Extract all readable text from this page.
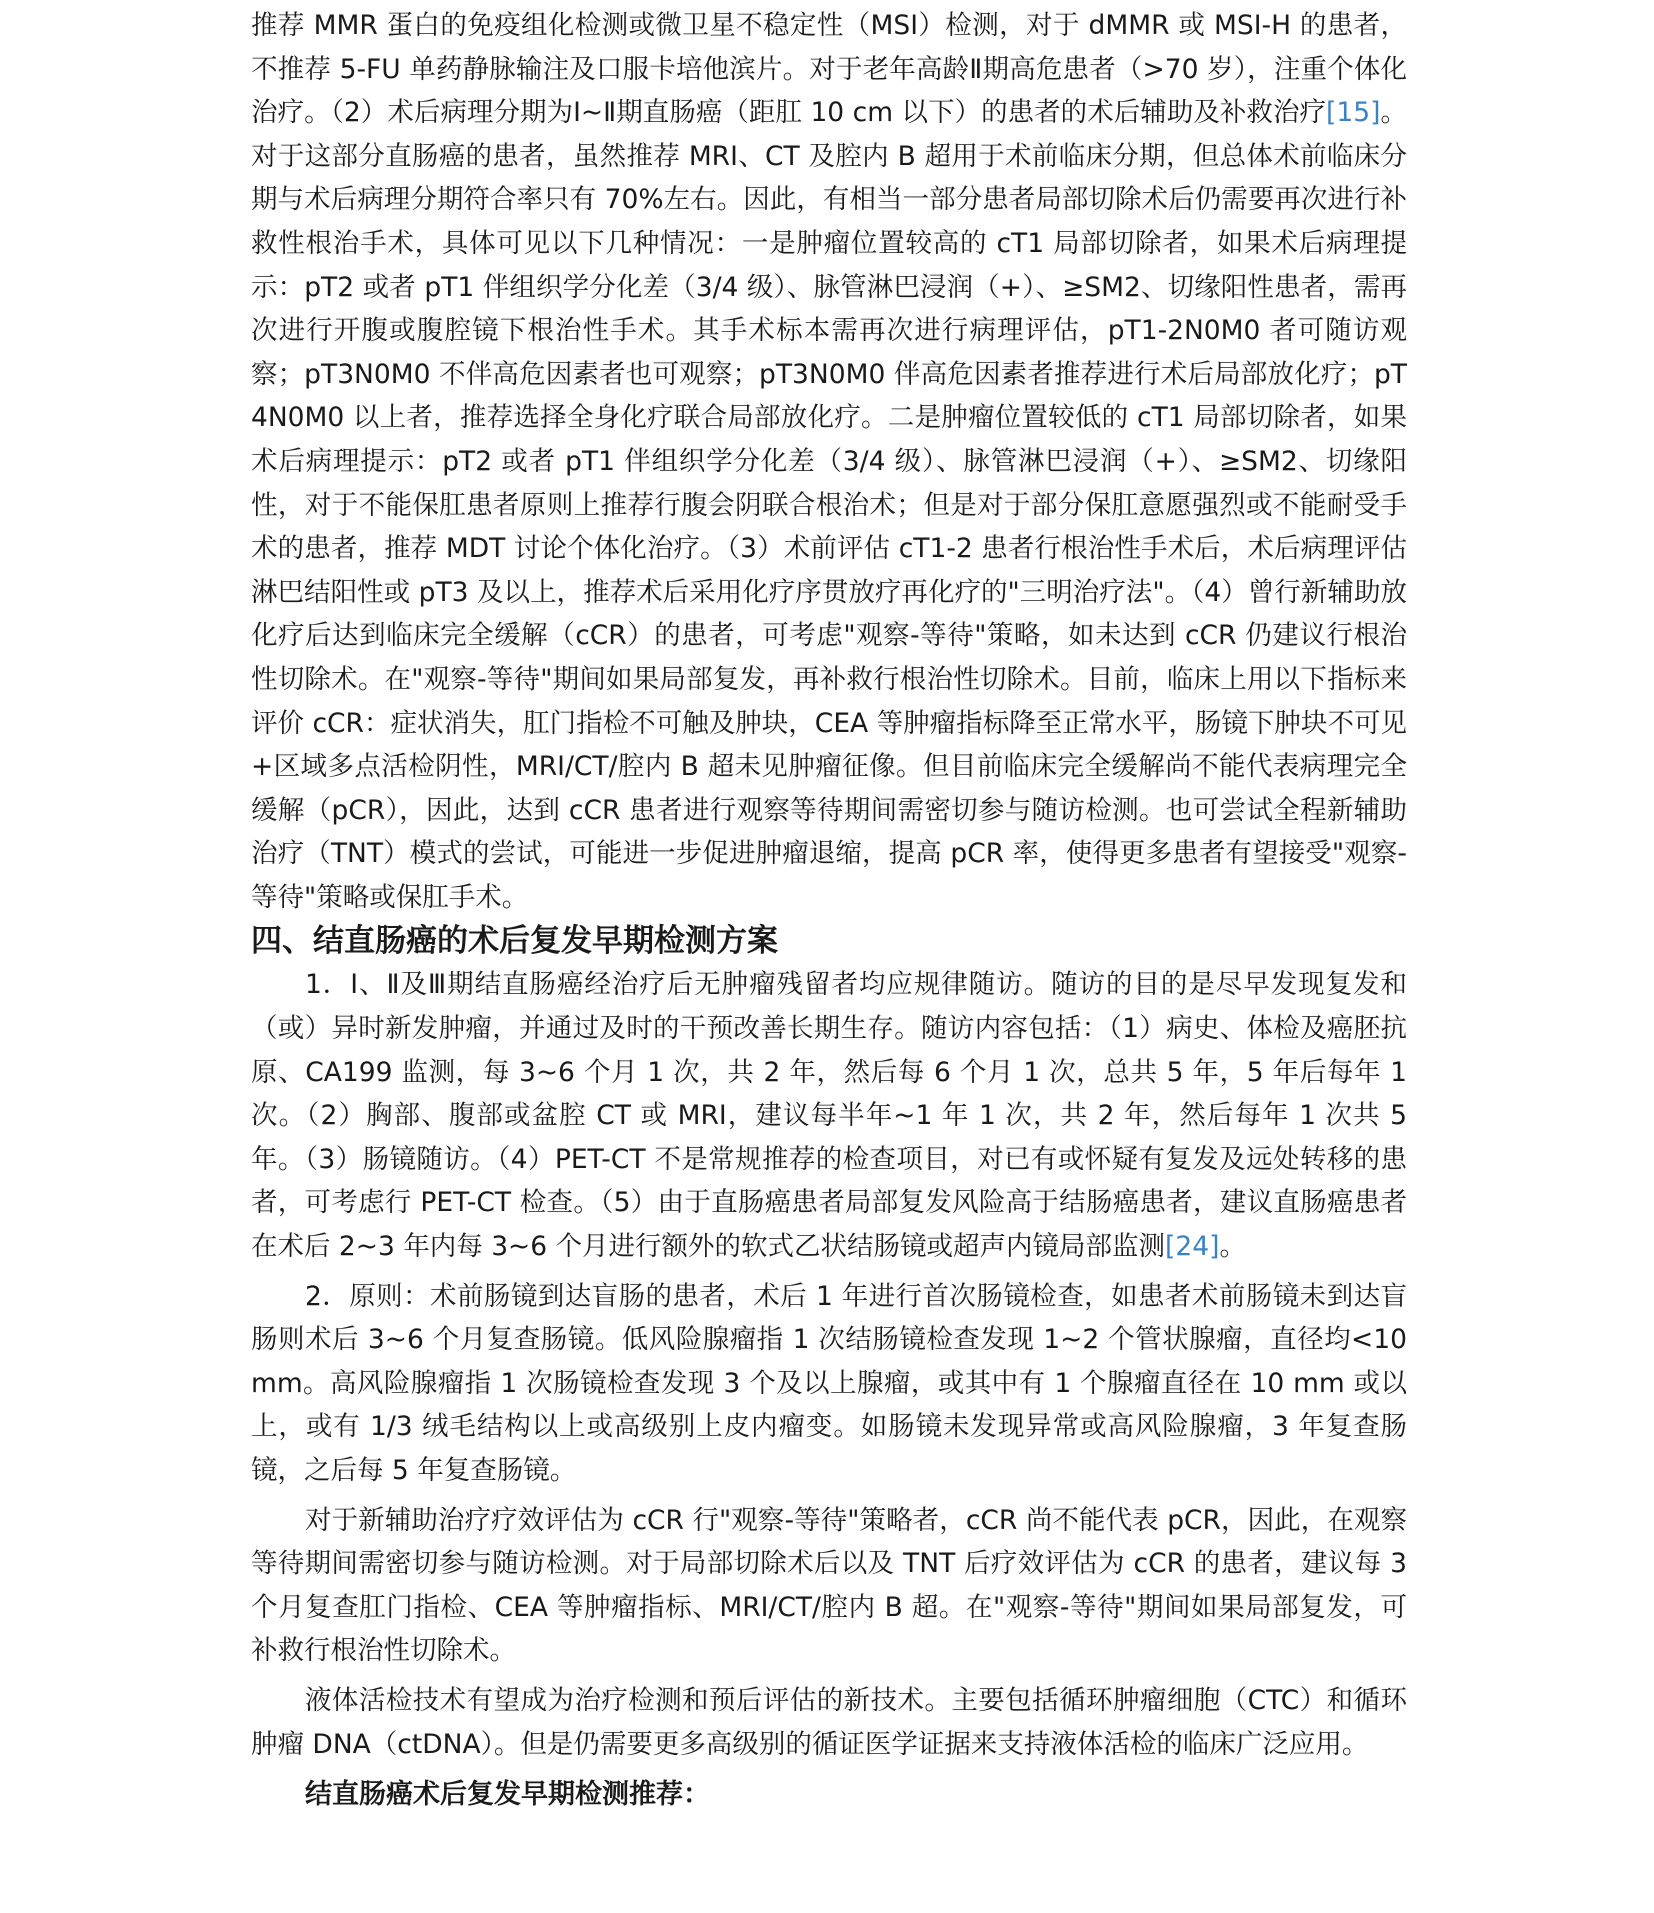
推荐 MMR 蛋白的免疫组化检测或微卫星不稳定性（MSI）检测，对于 dMMR 或 MSI-H 的患者，不推荐 5-FU 单药静脉输注及口服卡培他滨片。对于老年高龄Ⅱ期高危患者（>70 岁），注重个体化治疗。（2）术后病理分期为Ⅰ~Ⅱ期直肠癌（距肛 10 cm 以下）的患者的术后辅助及补救治疗[15]。对于这部分直肠癌的患者，虽然推荐 MRI、CT 及腔内 B 超用于术前临床分期，但总体术前临床分期与术后病理分期符合率只有 70%左右。因此，有相当一部分患者局部切除术后仍需要再次进行补救性根治手术，具体可见以下几种情况：一是肿瘤位置较高的 cT1 局部切除者，如果术后病理提示：pT2 或者 pT1 伴组织学分化差（3/4 级）、脉管淋巴浸润（+）、≥SM2、切缘阳性患者，需再次进行开腹或腹腔镜下根治性手术。其手术标本需再次进行病理评估，pT1-2N0M0 者可随访观察；pT3N0M0 不伴高危因素者也可观察；pT3N0M0 伴高危因素者推荐进行术后局部放化疗；pT4N0M0 以上者，推荐选择全身化疗联合局部放化疗。二是肿瘤位置较低的 cT1 局部切除者，如果术后病理提示：pT2 或者 pT1 伴组织学分化差（3/4 级）、脉管淋巴浸润（+）、≥SM2、切缘阳性，对于不能保肛患者原则上推荐行腹会阴联合根治术；但是对于部分保肛意愿强烈或不能耐受手术的患者，推荐 MDT 讨论个体化治疗。（3）术前评估 cT1-2 患者行根治性手术后，术后病理评估淋巴结阳性或 pT3 及以上，推荐术后采用化疗序贯放疗再化疗的"三明治疗法"。（4）曾行新辅助放化疗后达到临床完全缓解（cCR）的患者，可考虑"观察-等待"策略，如未达到 cCR 仍建议行根治性切除术。在"观察-等待"期间如果局部复发，再补救行根治性切除术。目前，临床上用以下指标来评价 cCR：症状消失，肛门指检不可触及肿块，CEA 等肿瘤指标降至正常水平，肠镜下肿块不可见+区域多点活检阴性，MRI/CT/腔内 B 超未见肿瘤征像。但目前临床完全缓解尚不能代表病理完全缓解（pCR），因此，达到 cCR 患者进行观察等待期间需密切参与随访检测。也可尝试全程新辅助治疗（TNT）模式的尝试，可能进一步促进肿瘤退缩，提高 pCR 率，使得更多患者有望接受"观察-等待"策略或保肛手术。

四、结直肠癌的术后复发早期检测方案

1．Ⅰ、Ⅱ及Ⅲ期结直肠癌经治疗后无肿瘤残留者均应规律随访。随访的目的是尽早发现复发和（或）异时新发肿瘤，并通过及时的干预改善长期生存。随访内容包括：（1）病史、体检及癌胚抗原、CA199 监测，每 3~6 个月 1 次，共 2 年，然后每 6 个月 1 次，总共 5 年，5 年后每年 1 次。（2）胸部、腹部或盆腔 CT 或 MRI，建议每半年~1 年 1 次，共 2 年，然后每年 1 次共 5 年。（3）肠镜随访。（4）PET-CT 不是常规推荐的检查项目，对已有或怀疑有复发及远处转移的患者，可考虑行 PET-CT 检查。（5）由于直肠癌患者局部复发风险高于结肠癌患者，建议直肠癌患者在术后 2~3 年内每 3~6 个月进行额外的软式乙状结肠镜或超声内镜局部监测[24]。

2．原则：术前肠镜到达盲肠的患者，术后 1 年进行首次肠镜检查，如患者术前肠镜未到达盲肠则术后 3~6 个月复查肠镜。低风险腺瘤指 1 次结肠镜检查发现 1~2 个管状腺瘤，直径均<10 mm。高风险腺瘤指 1 次肠镜检查发现 3 个及以上腺瘤，或其中有 1 个腺瘤直径在 10 mm 或以上，或有 1/3 绒毛结构以上或高级别上皮内瘤变。如肠镜未发现异常或高风险腺瘤，3 年复查肠镜，之后每 5 年复查肠镜。

对于新辅助治疗疗效评估为 cCR 行"观察-等待"策略者，cCR 尚不能代表 pCR，因此，在观察等待期间需密切参与随访检测。对于局部切除术后以及 TNT 后疗效评估为 cCR 的患者，建议每 3 个月复查肛门指检、CEA 等肿瘤指标、MRI/CT/腔内 B 超。在"观察-等待"期间如果局部复发，可补救行根治性切除术。

液体活检技术有望成为治疗检测和预后评估的新技术。主要包括循环肿瘤细胞（CTC）和循环肿瘤 DNA（ctDNA）。但是仍需要更多高级别的循证医学证据来支持液体活检的临床广泛应用。

结直肠癌术后复发早期检测推荐：
